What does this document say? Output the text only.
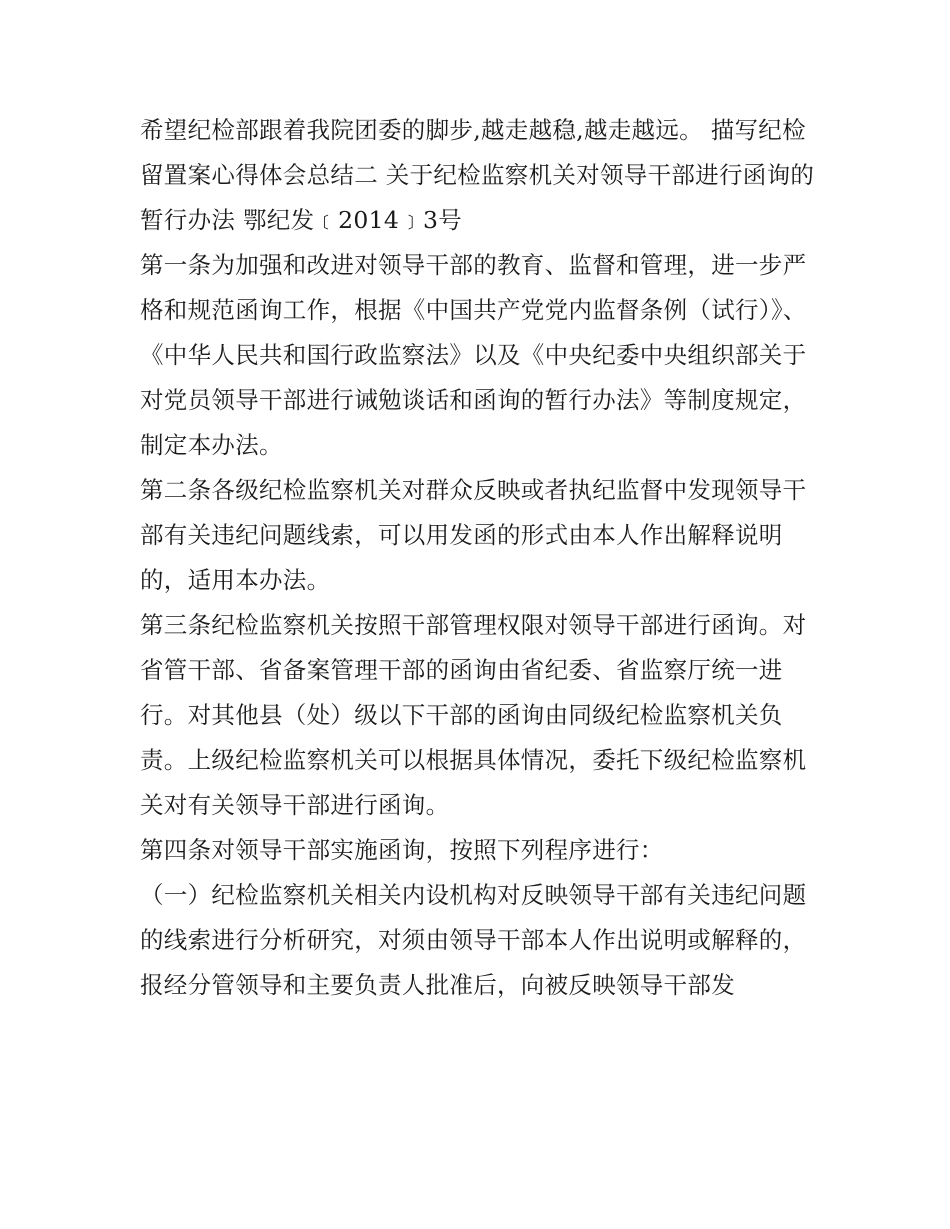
希望纪检部跟着我院团委的脚步,越走越稳,越走越远。 描写纪检留置案心得体会总结二 关于纪检监察机关对领导干部进行函询的暂行办法 鄂纪发﹝2014﹞3号

第一条为加强和改进对领导干部的教育、监督和管理，进一步严格和规范函询工作，根据《中国共产党党内监督条例（试行）》、《中华人民共和国行政监察法》以及《中央纪委中央组织部关于对党员领导干部进行诫勉谈话和函询的暂行办法》等制度规定，制定本办法。

第二条各级纪检监察机关对群众反映或者执纪监督中发现领导干部有关违纪问题线索，可以用发函的形式由本人作出解释说明的，适用本办法。

第三条纪检监察机关按照干部管理权限对领导干部进行函询。对省管干部、省备案管理干部的函询由省纪委、省监察厅统一进行。对其他县（处）级以下干部的函询由同级纪检监察机关负责。上级纪检监察机关可以根据具体情况，委托下级纪检监察机关对有关领导干部进行函询。

第四条对领导干部实施函询，按照下列程序进行：

（一）纪检监察机关相关内设机构对反映领导干部有关违纪问题的线索进行分析研究，对须由领导干部本人作出说明或解释的，报经分管领导和主要负责人批准后，向被反映领导干部发
